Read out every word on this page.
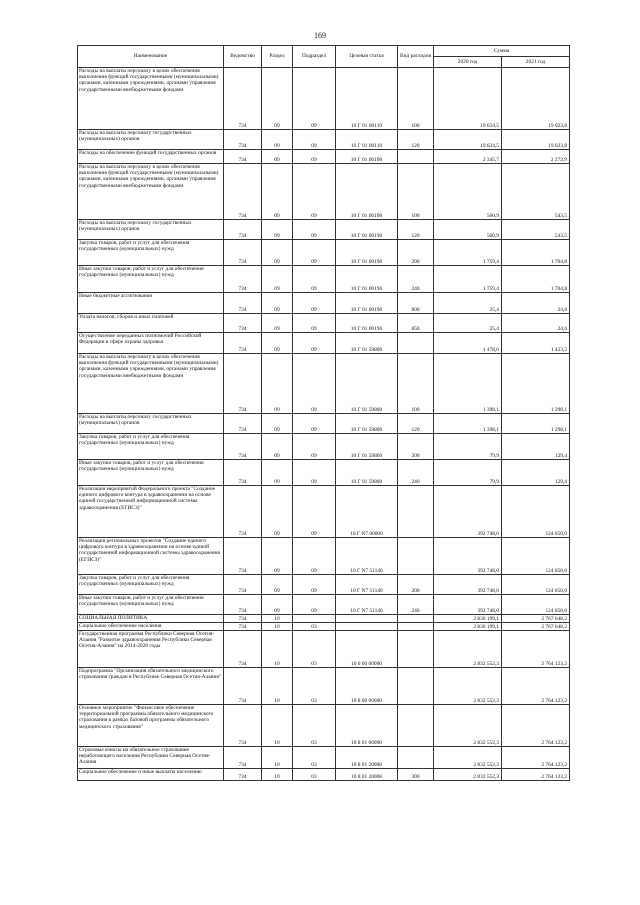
169
Наименование	Ведомство	Раздел	Подраздел	Целевая статья	Вид расходов	Сумма	
						2020 год	2021 год
Расходы на выплаты персоналу в целях обеспечения выполнения функций государственными (муниципальными) органами, казенными учреждениями, органами управления государственными внебюджетными фондами	734	09	09	10 Г 01 00110	100	19 634,5	19 023,8
Расходы на выплаты персоналу государственных (муниципальных) органов	734	09	09	10 Г 01 00110	120	19 634,5	19 023,8
Расходы на обеспечение функций государственных органов	734	09	09	10 Г 01 00190		2 345,7	2 272,9
Расходы на выплаты персоналу в целях обеспечения выполнения функций государственными (муниципальными) органами, казенными учреждениями, органами управления государственными внебюджетными фондами	734	09	09	10 Г 01 00190	100	560,9	543,5
Расходы на выплаты персоналу государственных (муниципальных) органов	734	09	09	10 Г 01 00190	120	560,9	543,5
Закупка товаров, работ и услуг для обеспечения государственных (муниципальных) нужд	734	09	09	10 Г 01 00190	200	1 759,4	1 704,8
Иные закупки товаров, работ и услуг для обеспечения государственных (муниципальных) нужд	734	09	09	10 Г 01 00190	240	1 759,4	1 704,8
Иные бюджетные ассигнования	734	09	09	10 Г 01 00190	800	25,4	24,6
Уплата налогов, сборов и иных платежей	734	09	09	10 Г 01 00190	850	25,4	24,6
Осуществление переданных полномочий Российской Федерации в сфере охраны здоровья	734	09	09	10 Г 01 59800		1 478,0	1 423,5
Расходы на выплаты персоналу в целях обеспечения выполнения функций государственными (муниципальными) органами, казенными учреждениями, органами управления государственными внебюджетными фондами	734	09	09	10 Г 01 59800	100	1 398,1	1 298,1
Расходы на выплаты персоналу государственных (муниципальных) органов	734	09	09	10 Г 01 59800	120	1 398,1	1 298,1
Закупка товаров, работ и услуг для обеспечения государственных (муниципальных) нужд	734	09	09	10 Г 01 59800	200	79,9	129,4
Иные закупки товаров, работ и услуг для обеспечения государственных (муниципальных) нужд	734	09	09	10 Г 01 59800	240	79,9	129,4
Реализация мероприятий Федерального проекта "Создание единого цифрового контура в здравоохранении на основе единой государственной информационной системы здравоохранения (ЕГИСЗ)"	734	09	09	10 Г N7 00000		392 748,0	124 850,0
Реализация региональных проектов "Создание единого цифрового контура в здравоохранении на основе единой государственной информационной системы здравоохранения (ЕГИСЗ)"	734	09	09	10 Г N7 51140		392 748,0	124 850,0
Закупка товаров, работ и услуг для обеспечения государственных (муниципальных) нужд	734	09	09	10 Г N7 51140	200	392 748,0	124 850,0
Иные закупки товаров, работ и услуг для обеспечения государственных (муниципальных) нужд	734	09	09	10 Г N7 51140	240	392 748,0	124 850,0
СОЦИАЛЬНАЯ ПОЛИТИКА	734	10				2 836 199,1	2 767 648,2
Социальное обеспечение населения	734	10	03			2 836 199,1	2 767 648,2
Государственная программа Республики Северная Осетия-Алания "Развитие здравоохранения Республики Северная Осетия-Алания" на 2014-2020 годы	734	10	03	10 0 00 00000		2 832 552,3	2 764 123,2
Подпрограмма "Организация обязательного медицинского страхования граждан в Республике Северная Осетия-Алания"	734	10	03	10 8 00 00000		2 832 552,3	2 764 123,2
Основное мероприятие "Финансовое обеспечение территориальной программы обязательного медицинского страхования в рамках базовой программы обязательного медицинского страхования"	734	10	03	10 8 01 00000		2 832 552,3	2 764 123,2
Страховые взносы на обязательное страхование неработающего населения Республики Северная Осетия-Алания	734	10	03	10 8 01 20008		2 832 552,3	2 764 123,2
Социальное обеспечение и иные выплаты населению	734	10	03	10 8 01 20008	300	2 832 552,3	2 764 123,2
